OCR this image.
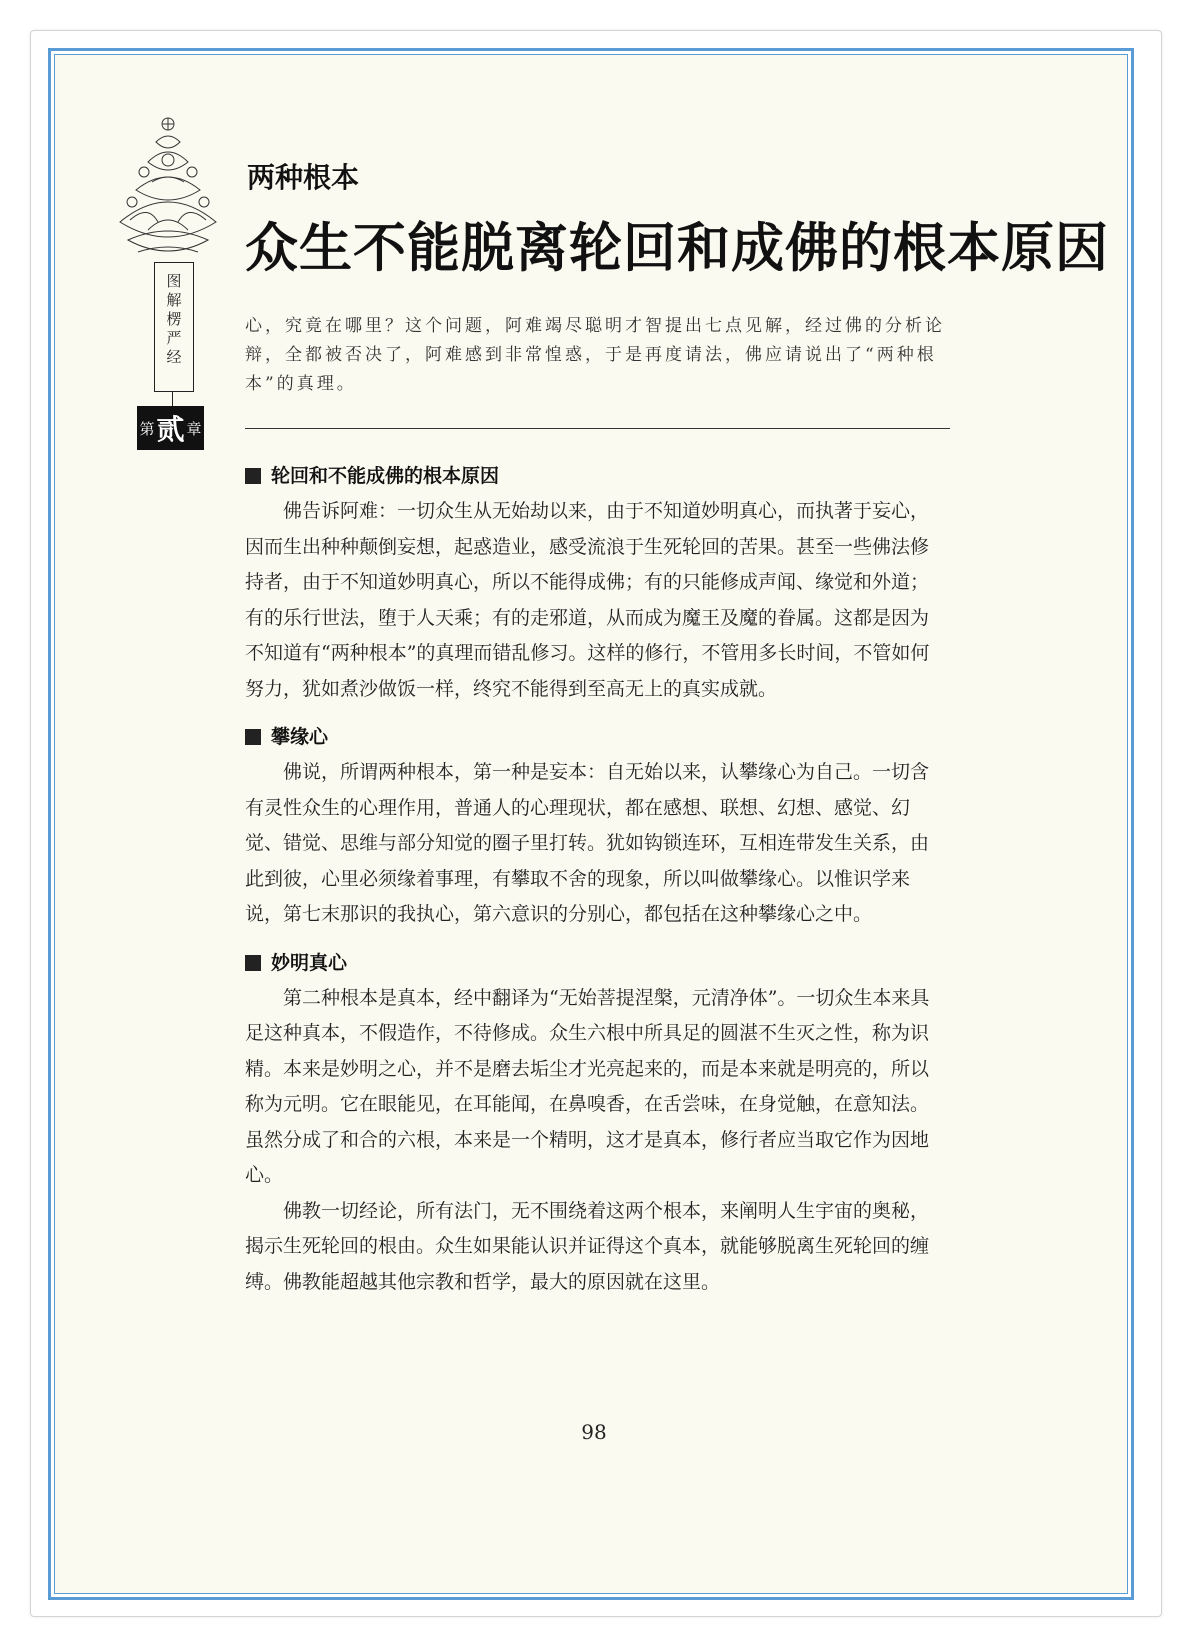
图解楞严经
第 贰 章
两种根本
众生不能脱离轮回和成佛的根本原因

心，究竟在哪里？这个问题，阿难竭尽聪明才智提出七点见解，经过佛的分析论辩，全都被否决了，阿难感到非常惶惑，于是再度请法，佛应请说出了“两种根本”的真理。

轮回和不能成佛的根本原因

佛告诉阿难：一切众生从无始劫以来，由于不知道妙明真心，而执著于妄心，因而生出种种颠倒妄想，起惑造业，感受流浪于生死轮回的苦果。甚至一些佛法修持者，由于不知道妙明真心，所以不能得成佛；有的只能修成声闻、缘觉和外道；有的乐行世法，堕于人天乘；有的走邪道，从而成为魔王及魔的眷属。这都是因为不知道有“两种根本”的真理而错乱修习。这样的修行，不管用多长时间，不管如何努力，犹如煮沙做饭一样，终究不能得到至高无上的真实成就。

攀缘心

佛说，所谓两种根本，第一种是妄本：自无始以来，认攀缘心为自己。一切含有灵性众生的心理作用，普通人的心理现状，都在感想、联想、幻想、感觉、幻觉、错觉、思维与部分知觉的圈子里打转。犹如钩锁连环，互相连带发生关系，由此到彼，心里必须缘着事理，有攀取不舍的现象，所以叫做攀缘心。以惟识学来说，第七末那识的我执心，第六意识的分别心，都包括在这种攀缘心之中。

妙明真心

第二种根本是真本，经中翻译为“无始菩提涅槃，元清净体”。一切众生本来具足这种真本，不假造作，不待修成。众生六根中所具足的圆湛不生灭之性，称为识精。本来是妙明之心，并不是磨去垢尘才光亮起来的，而是本来就是明亮的，所以称为元明。它在眼能见，在耳能闻，在鼻嗅香，在舌尝味，在身觉触，在意知法。虽然分成了和合的六根，本来是一个精明，这才是真本，修行者应当取它作为因地心。

佛教一切经论，所有法门，无不围绕着这两个根本，来阐明人生宇宙的奥秘，揭示生死轮回的根由。众生如果能认识并证得这个真本，就能够脱离生死轮回的缠缚。佛教能超越其他宗教和哲学，最大的原因就在这里。

98
